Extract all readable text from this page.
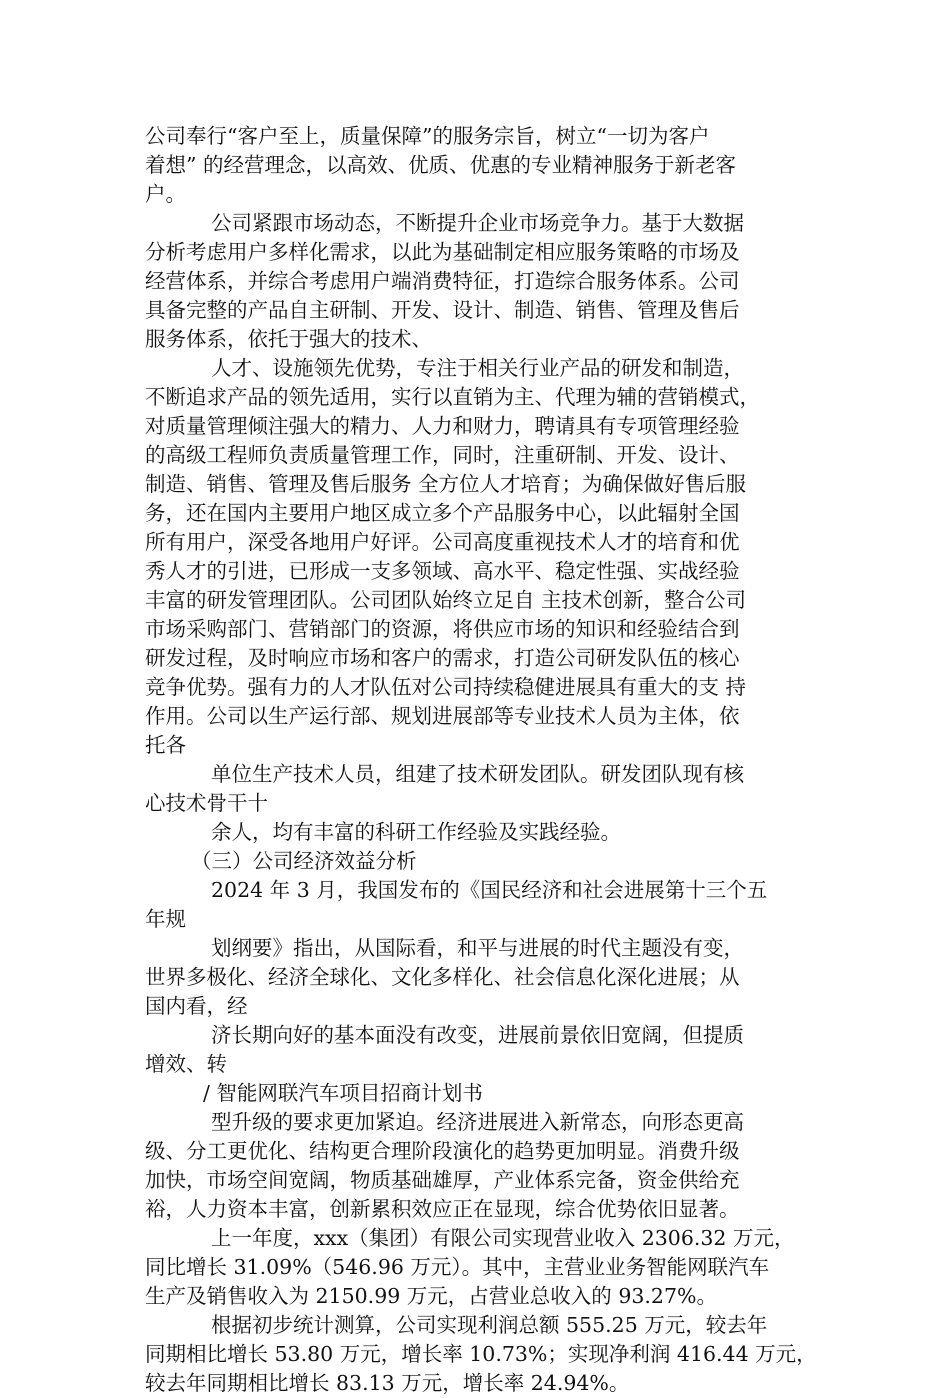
公司奉行“客户至上，质量保障”的服务宗旨，树立“一切为客户
着想” 的经营理念，以高效、优质、优惠的专业精神服务于新老客
户。
公司紧跟市场动态，不断提升企业市场竞争力。基于大数据
分析考虑用户多样化需求，以此为基础制定相应服务策略的市场及
经营体系，并综合考虑用户端消费特征，打造综合服务体系。公司
具备完整的产品自主研制、开发、设计、制造、销售、管理及售后
服务体系，依托于强大的技术、
人才、设施领先优势，专注于相关行业产品的研发和制造，
不断追求产品的领先适用，实行以直销为主、代理为辅的营销模式，
对质量管理倾注强大的精力、人力和财力，聘请具有专项管理经验
的高级工程师负责质量管理工作，同时，注重研制、开发、设计、
制造、销售、管理及售后服务 全方位人才培育；为确保做好售后服
务，还在国内主要用户地区成立多个产品服务中心，以此辐射全国
所有用户，深受各地用户好评。公司高度重视技术人才的培育和优
秀人才的引进，已形成一支多领域、高水平、稳定性强、实战经验
丰富的研发管理团队。公司团队始终立足自 主技术创新，整合公司
市场采购部门、营销部门的资源，将供应市场的知识和经验结合到
研发过程，及时响应市场和客户的需求，打造公司研发队伍的核心
竞争优势。强有力的人才队伍对公司持续稳健进展具有重大的支 持
作用。公司以生产运行部、规划进展部等专业技术人员为主体，依
托各
单位生产技术人员，组建了技术研发团队。研发团队现有核
心技术骨干十
余人，均有丰富的科研工作经验及实践经验。
（三）公司经济效益分析
2024 年 3 月，我国发布的《国民经济和社会进展第十三个五
年规
划纲要》指出，从国际看，和平与进展的时代主题没有变，
世界多极化、经济全球化、文化多样化、社会信息化深化进展；从
国内看，经
济长期向好的基本面没有改变，进展前景依旧宽阔，但提质
增效、转
/ 智能网联汽车项目招商计划书
型升级的要求更加紧迫。经济进展进入新常态，向形态更高
级、分工更优化、结构更合理阶段演化的趋势更加明显。消费升级
加快，市场空间宽阔，物质基础雄厚，产业体系完备，资金供给充
裕，人力资本丰富，创新累积效应正在显现，综合优势依旧显著。
上一年度，xxx（集团）有限公司实现营业收入 2306.32 万元，
同比增长 31.09%（546.96 万元）。其中，主营业业务智能网联汽车
生产及销售收入为 2150.99 万元，占营业总收入的 93.27%。
根据初步统计测算，公司实现利润总额 555.25 万元，较去年
同期相比增长 53.80 万元，增长率 10.73%；实现净利润 416.44 万元，
较去年同期相比增长 83.13 万元，增长率 24.94%。
